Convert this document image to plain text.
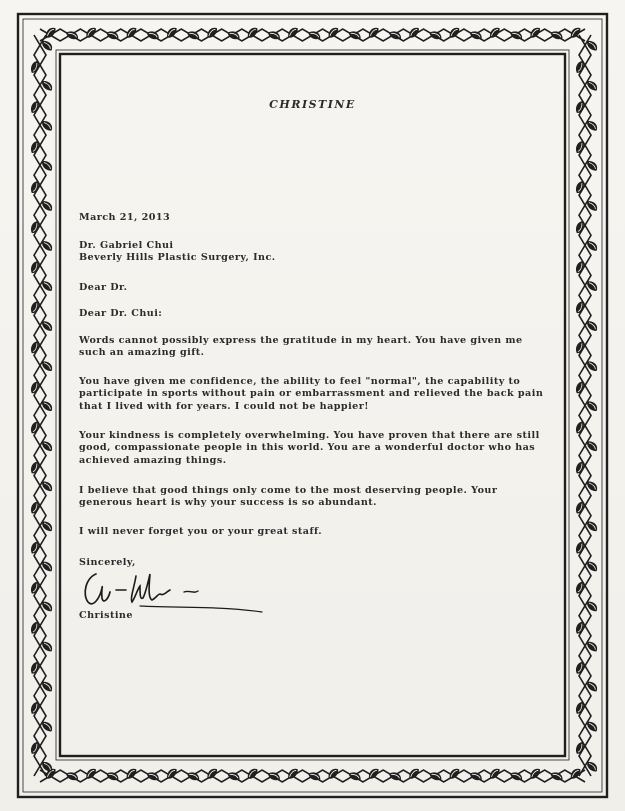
CHRISTINE
March 21, 2013

Dr. Gabriel Chui

Beverly Hills Plastic Surgery, Inc.

Dear Dr.
Dear Dr. Chui:
Words cannot possibly express the gratitude in my heart. You have given me such an amazing gift.
You have given me confidence, the ability to feel "normal", the capability to participate in sports without pain or embarrassment and relieved the back pain that I lived with for years. I could not be happier!
Your kindness is completely overwhelming. You have proven that there are still good, compassionate people in this world. You are a wonderful doctor who has achieved amazing things.
I believe that good things only come to the most deserving people. Your generous heart is why your success is so abundant.
I will never forget you or your great staff.
Sincerely,
Christine
